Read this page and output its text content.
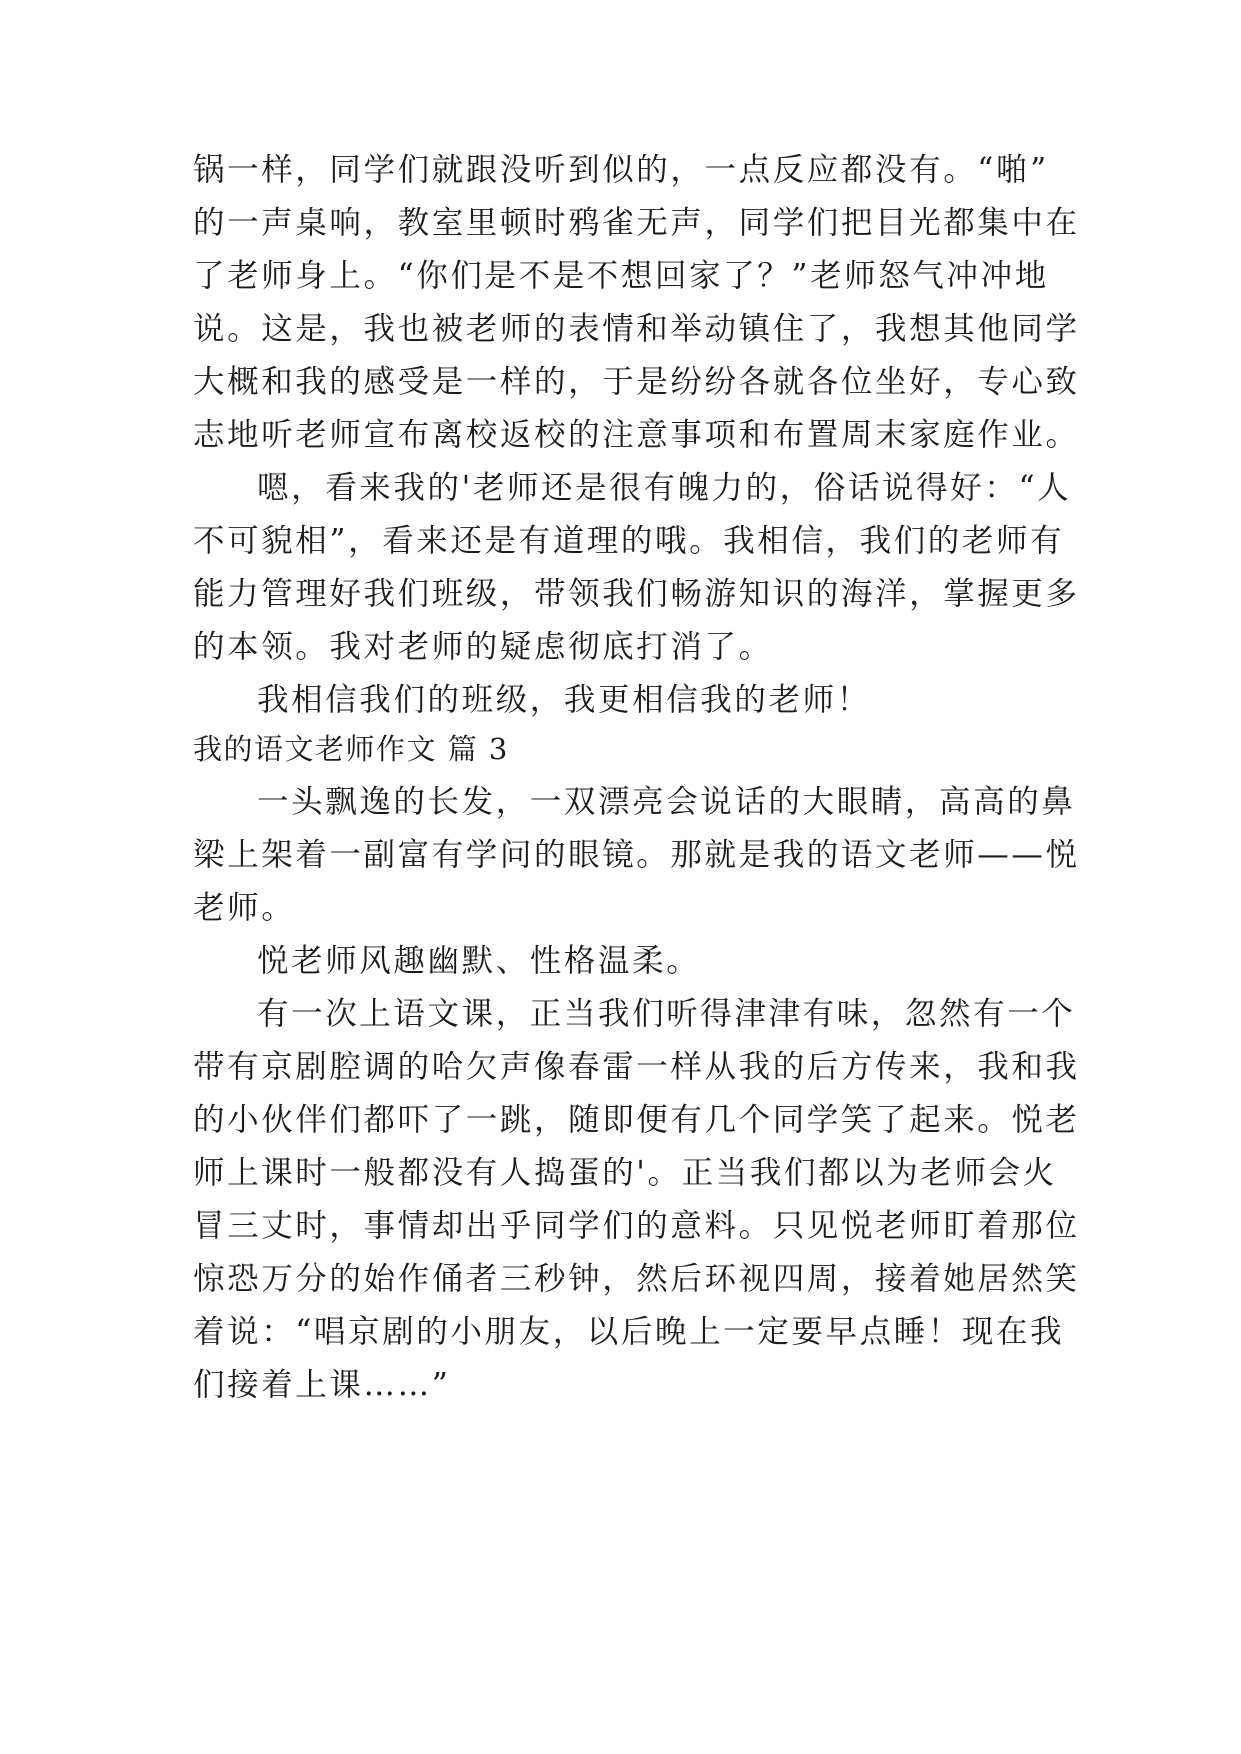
锅一样，同学们就跟没听到似的，一点反应都没有。“啪”

的一声桌响，教室里顿时鸦雀无声，同学们把目光都集中在

了老师身上。“你们是不是不想回家了？”老师怒气冲冲地

说。这是，我也被老师的表情和举动镇住了，我想其他同学

大概和我的感受是一样的，于是纷纷各就各位坐好，专心致

志地听老师宣布离校返校的注意事项和布置周末家庭作业。

嗯，看来我的'老师还是很有魄力的，俗话说得好：“人

不可貌相”，看来还是有道理的哦。我相信，我们的老师有

能力管理好我们班级，带领我们畅游知识的海洋，掌握更多

的本领。我对老师的疑虑彻底打消了。

我相信我们的班级，我更相信我的老师！

我的语文老师作文 篇 3

一头飘逸的长发，一双漂亮会说话的大眼睛，高高的鼻

梁上架着一副富有学问的眼镜。那就是我的语文老师——悦

老师。

悦老师风趣幽默、性格温柔。

有一次上语文课，正当我们听得津津有味，忽然有一个

带有京剧腔调的哈欠声像春雷一样从我的后方传来，我和我

的小伙伴们都吓了一跳，随即便有几个同学笑了起来。悦老

师上课时一般都没有人捣蛋的'。正当我们都以为老师会火

冒三丈时，事情却出乎同学们的意料。只见悦老师盯着那位

惊恐万分的始作俑者三秒钟，然后环视四周，接着她居然笑

着说：“唱京剧的小朋友，以后晚上一定要早点睡！现在我

们接着上课……”
